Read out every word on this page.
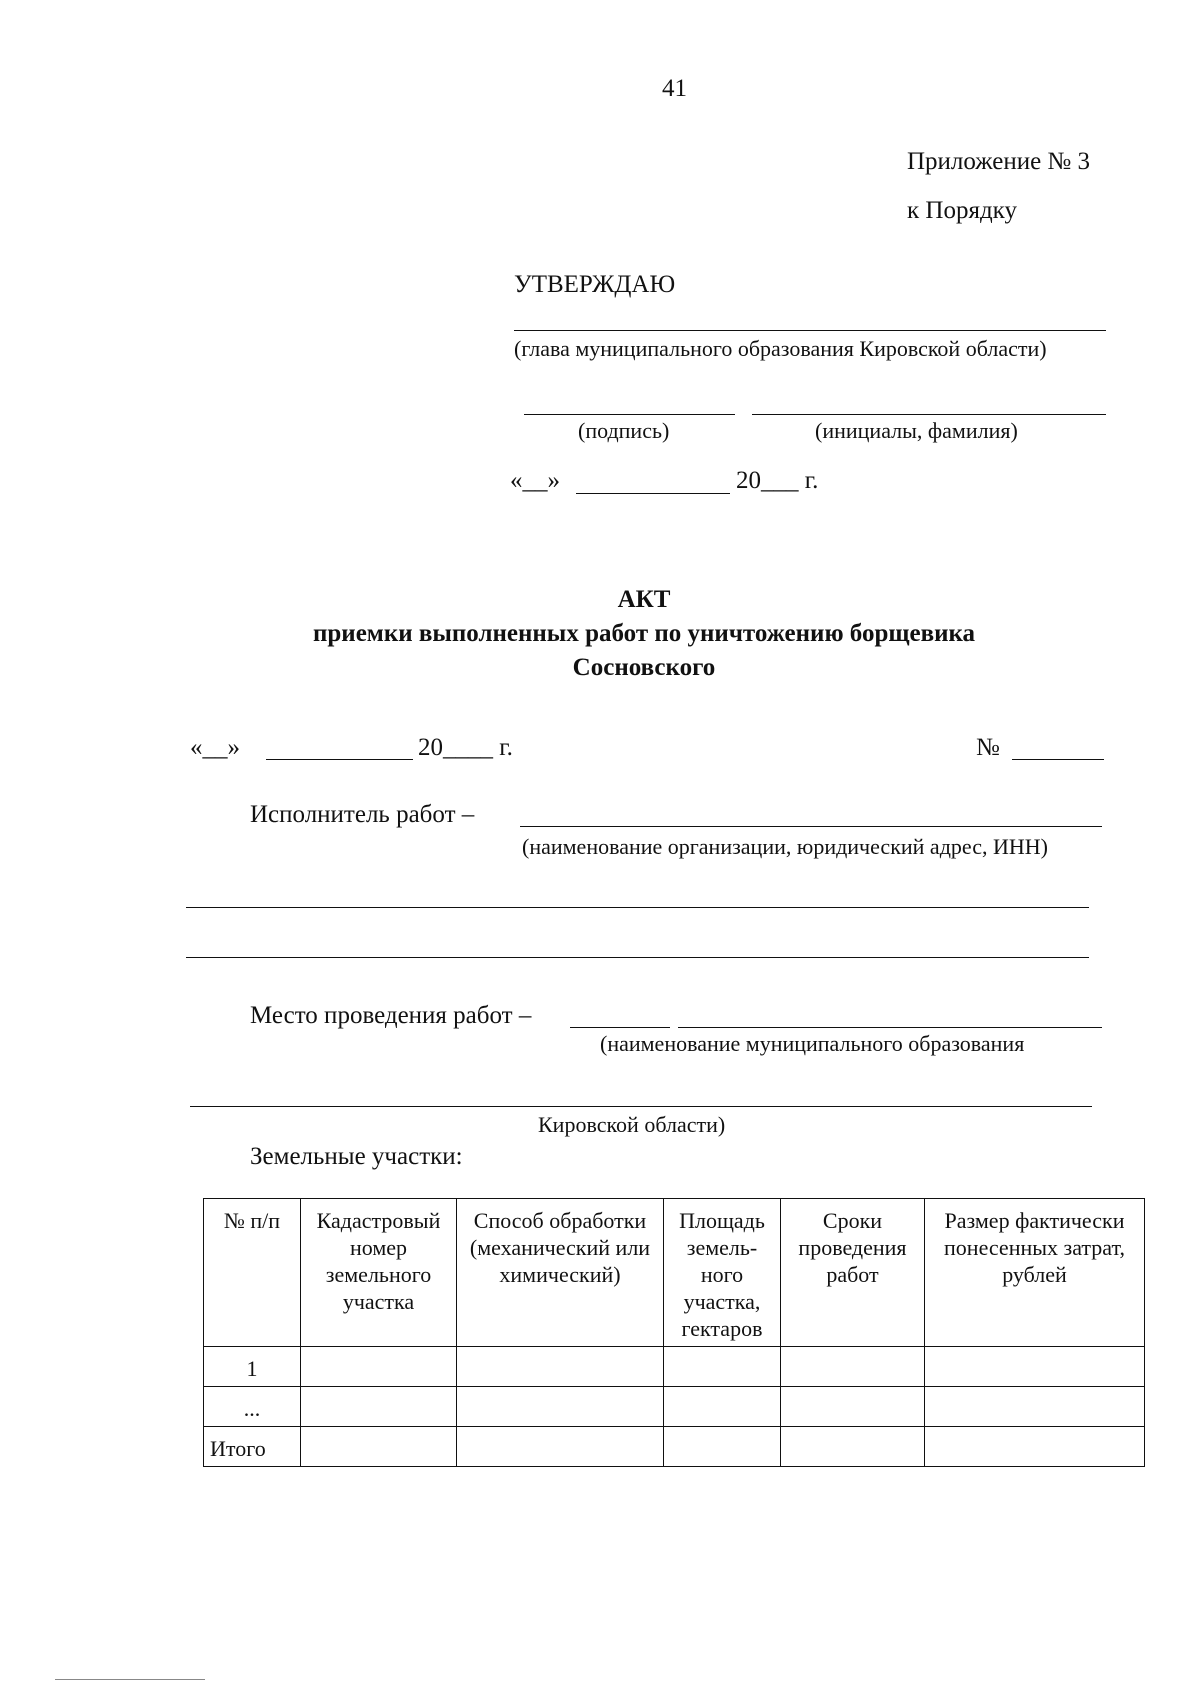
41
Приложение № 3
к Порядку
УТВЕРЖДАЮ
(глава муниципального образования Кировской области)
(подпись)	(инициалы, фамилия)
«__»	20___ г.
АКТ
приемки выполненных работ по уничтожению борщевика
Сосновского
«__»	20____ г.	№
Исполнитель работ –
(наименование организации, юридический адрес, ИНН)
Место проведения работ –
(наименование муниципального образования
Кировской области)
Земельные участки:
№ п/п	Кадастровый номер земельного участка	Способ обработки (механический или химический)	Площадь земель-ного участка, гектаров	Сроки проведения работ	Размер фактически понесенных затрат, рублей
1					
...					
Итого					
